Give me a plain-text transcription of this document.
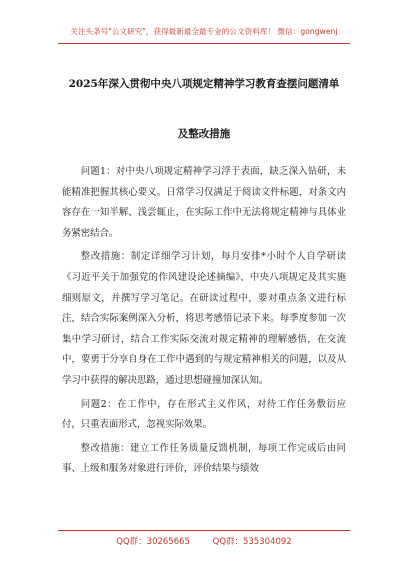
关注头条号"公文研究"，获得最新最全最专业的公文资料库！ 微信：gongwenj
2025年深入贯彻中央八项规定精神学习教育查摆问题清单
及整改措施

问题1：对中央八项规定精神学习浮于表面，缺乏深入钻研，未能精准把握其核心要义。日常学习仅满足于阅读文件标题，对条文内容存在一知半解、浅尝辄止，在实际工作中无法将规定精神与具体业务紧密结合。

整改措施：制定详细学习计划，每月安排*小时个人自学研读《习近平关于加强党的作风建设论述摘编》、中央八项规定及其实施细则原文，并撰写学习笔记。在研读过程中，要对重点条文进行标注，结合实际案例深入分析，将思考感悟记录下来。每季度参加一次集中学习研讨，结合工作实际交流对规定精神的理解感悟，在交流中，要勇于分享自身在工作中遇到的与规定精神相关的问题，以及从学习中获得的解决思路，通过思想碰撞加深认知。

问题2：在工作中，存在形式主义作风，对待工作任务敷衍应付，只重表面形式，忽视实际效果。

整改措施：建立工作任务质量反馈机制，每项工作完成后由同事、上级和服务对象进行评价，评价结果与绩效

QQ群：30265665	QQ群：535304092
